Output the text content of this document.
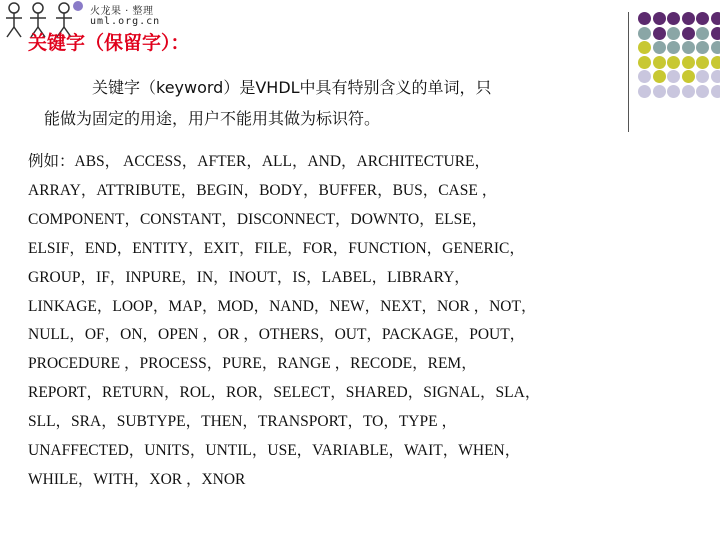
火龙果 · 整理
uml.org.cn
关键字（保留字）：
关键字（keyword）是VHDL中具有特别含义的单词，只
能做为固定的用途，用户不能用其做为标识符。
例如：ABS， ACCESS，AFTER，ALL，AND，ARCHITECTURE，
ARRAY，ATTRIBUTE，BEGIN，BODY，BUFFER，BUS，CASE ，
COMPONENT，CONSTANT，DISCONNECT，DOWNTO，ELSE，
ELSIF，END，ENTITY，EXIT，FILE，FOR，FUNCTION，GENERIC，
GROUP，IF，INPURE，IN，INOUT，IS，LABEL，LIBRARY，
LINKAGE，LOOP，MAP，MOD，NAND，NEW，NEXT，NOR ，NOT，
NULL，OF，ON，OPEN ，OR ，OTHERS，OUT，PACKAGE，POUT，
PROCEDURE ，PROCESS，PURE，RANGE ，RECODE，REM，
REPORT，RETURN，ROL，ROR，SELECT，SHARED，SIGNAL，SLA，
SLL，SRA，SUBTYPE，THEN，TRANSPORT，TO，TYPE ，
UNAFFECTED，UNITS，UNTIL，USE，VARIABLE，WAIT，WHEN，
WHILE，WITH，XOR ，XNOR
